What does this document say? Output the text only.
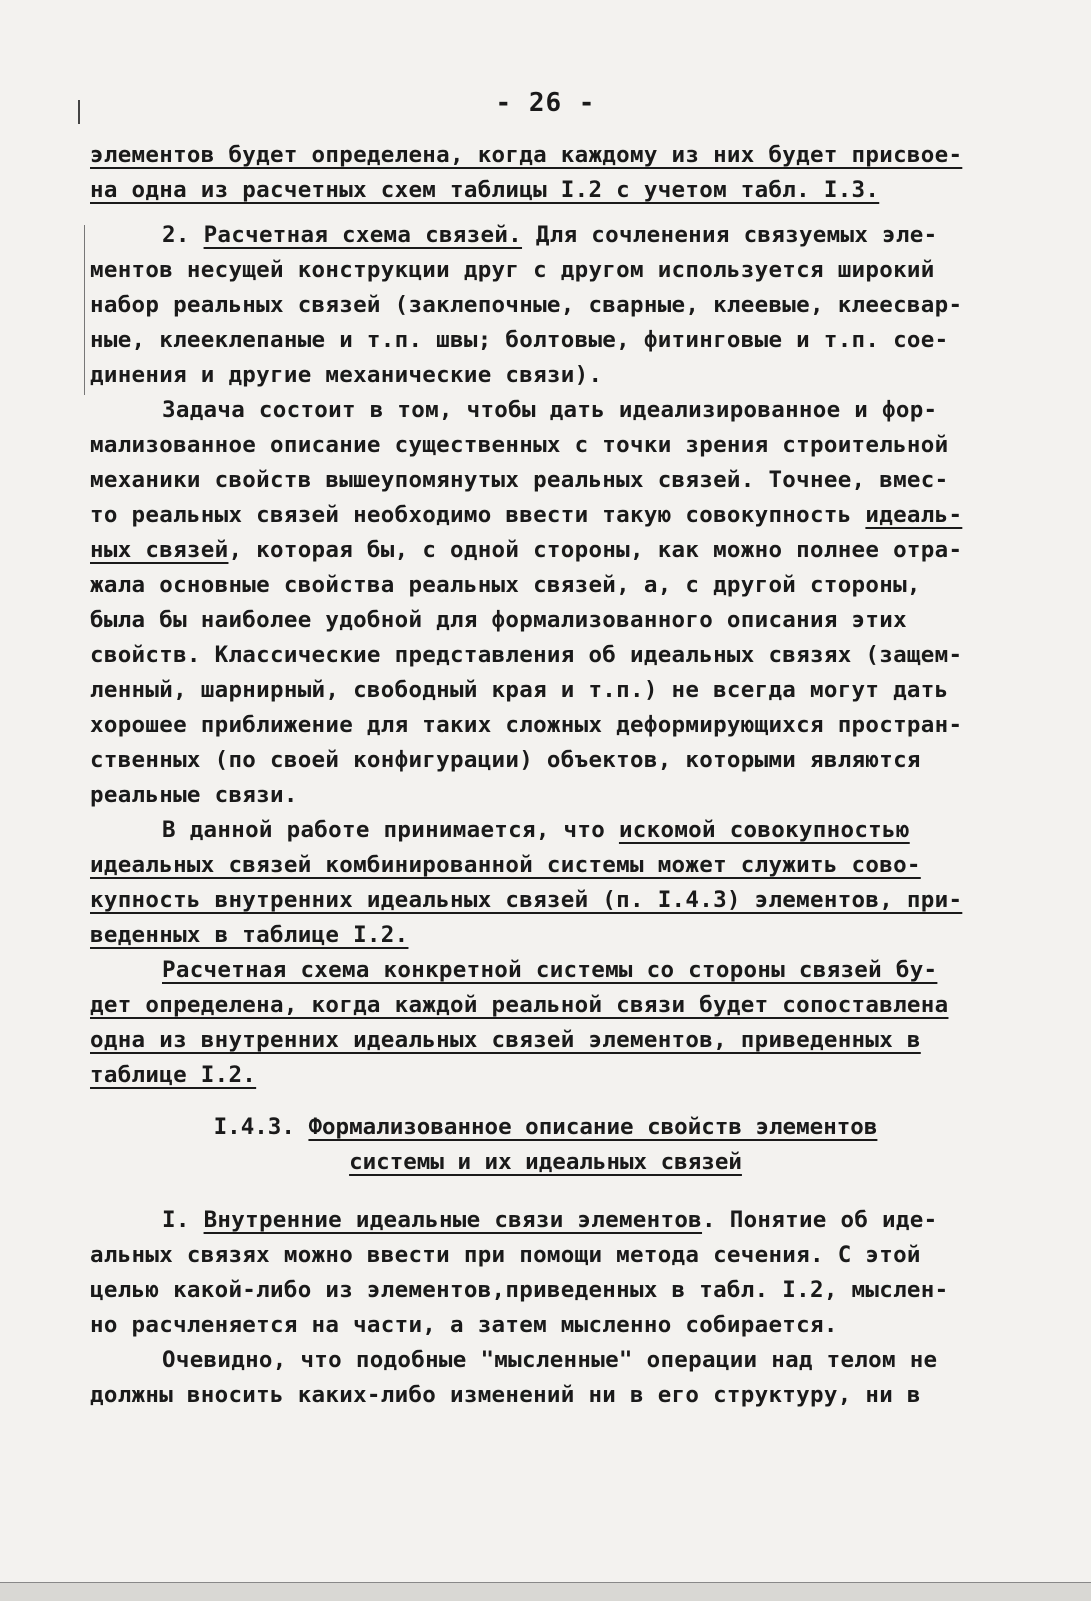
- 26 -
элементов будет определена, когда каждому из них будет присвое-
на одна из расчетных схем таблицы I.2 с учетом табл. I.3.
2. Расчетная схема связей. Для сочленения связуемых эле-
ментов несущей конструкции друг с другом используется широкий
набор реальных связей (заклепочные, сварные, клеевые, клеесвар-
ные, клееклепаные и т.п. швы; болтовые, фитинговые и т.п. сое-
динения и другие механические связи).
Задача состоит в том, чтобы дать идеализированное и фор-
мализованное описание существенных с точки зрения строительной
механики свойств вышеупомянутых реальных связей. Точнее, вмес-
то реальных связей необходимо ввести такую совокупность идеаль-
ных связей, которая бы, с одной стороны, как можно полнее отра-
жала основные свойства реальных связей, а, с другой стороны,
была бы наиболее удобной для формализованного описания этих
свойств. Классические представления об идеальных связях (защем-
ленный, шарнирный, свободный края и т.п.) не всегда могут дать
хорошее приближение для таких сложных деформирующихся простран-
ственных (по своей конфигурации) объектов, которыми являются
реальные связи.
В данной работе принимается, что искомой совокупностью
идеальных связей комбинированной системы может служить сово-
купность внутренних идеальных связей (п. I.4.3) элементов, при-
веденных в таблице I.2.
Расчетная схема конкретной системы со стороны связей бу-
дет определена, когда каждой реальной связи будет сопоставлена
одна из внутренних идеальных связей элементов, приведенных в
таблице I.2.
I.4.3. Формализованное описание свойств элементов
системы и их идеальных связей
I. Внутренние идеальные связи элементов. Понятие об иде-
альных связях можно ввести при помощи метода сечения. С этой
целью какой-либо из элементов,приведенных в табл. I.2, мыслен-
но расчленяется на части, а затем мысленно собирается.
Очевидно, что подобные "мысленные" операции над телом не
должны вносить каких-либо изменений ни в его структуру, ни в
